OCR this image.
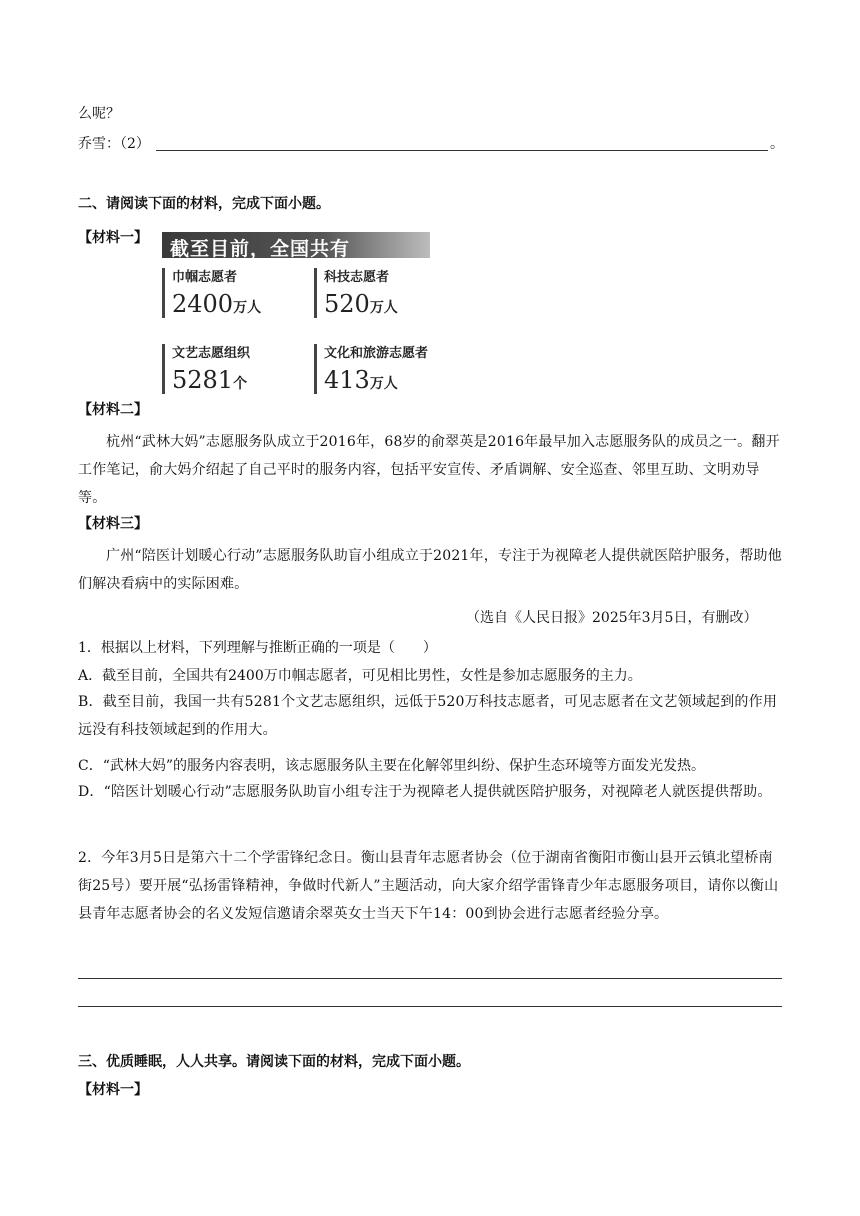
么呢？
乔雪：（2）	。
二、请阅读下面的材料，完成下面小题。
【材料一】 截至目前，全国共有
巾帼志愿者
2400万人
科技志愿者
520万人
文艺志愿组织
5281个
文化和旅游志愿者
413万人
【材料二】
杭州“武林大妈”志愿服务队成立于2016年，68岁的俞翠英是2016年最早加入志愿服务队的成员之一。翻开工作笔记，俞大妈介绍起了自己平时的服务内容，包括平安宣传、矛盾调解、安全巡查、邻里互助、文明劝导等。
【材料三】
广州“陪医计划暖心行动”志愿服务队助盲小组成立于2021年，专注于为视障老人提供就医陪护服务，帮助他们解决看病中的实际困难。
（选自《人民日报》2025年3月5日，有删改）
1．根据以上材料，下列理解与推断正确的一项是（　　）
A．截至目前，全国共有2400万巾帼志愿者，可见相比男性，女性是参加志愿服务的主力。
B．截至目前，我国一共有5281个文艺志愿组织，远低于520万科技志愿者，可见志愿者在文艺领域起到的作用远没有科技领域起到的作用大。
C．“武林大妈”的服务内容表明，该志愿服务队主要在化解邻里纠纷、保护生态环境等方面发光发热。
D．“陪医计划暖心行动”志愿服务队助盲小组专注于为视障老人提供就医陪护服务，对视障老人就医提供帮助。
2．今年3月5日是第六十二个学雷锋纪念日。衡山县青年志愿者协会（位于湖南省衡阳市衡山县开云镇北望桥南街25号）要开展“弘扬雷锋精神，争做时代新人”主题活动，向大家介绍学雷锋青少年志愿服务项目，请你以衡山县青年志愿者协会的名义发短信邀请余翠英女士当天下午14：00到协会进行志愿者经验分享。
三、优质睡眠，人人共享。请阅读下面的材料，完成下面小题。
【材料一】
